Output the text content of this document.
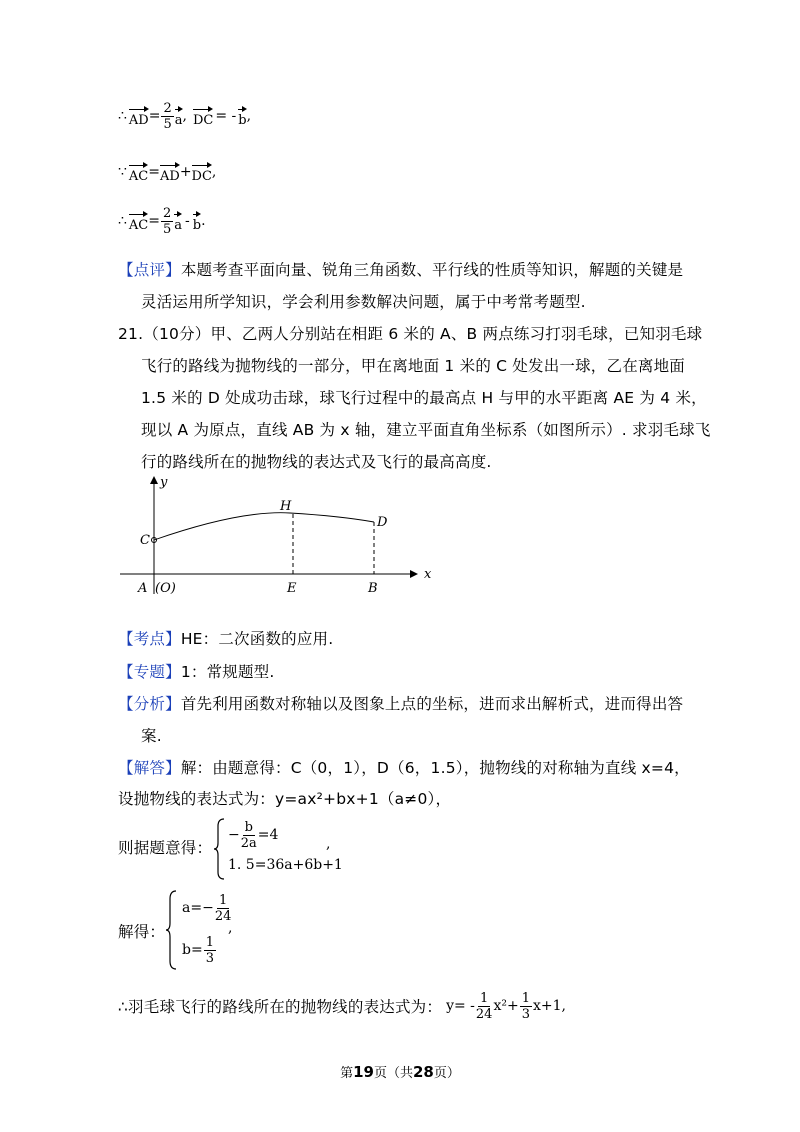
∴ AD = $\frac{2}{5}$ a , DC = - b ,
∵ AC = AD + DC ,
∴ AC = $\frac{2}{5}$ a - b .
【点评】本题考查平面向量、锐角三角函数、平行线的性质等知识，解题的关键是
灵活运用所学知识，学会利用参数解决问题，属于中考常考题型.
21.（10分）甲、乙两人分别站在相距 6 米的 A、B 两点练习打羽毛球，已知羽毛球
飞行的路线为抛物线的一部分，甲在离地面 1 米的 C 处发出一球，乙在离地面
1.5 米的 D 处成功击球，球飞行过程中的最高点 H 与甲的水平距离 AE 为 4 米，
现以 A 为原点，直线 AB 为 x 轴，建立平面直角坐标系（如图所示）. 求羽毛球飞
行的路线所在的抛物线的表达式及飞行的最高高度.
y
x
C
H
D
A (O)	E	B
【考点】HE：二次函数的应用.
【专题】1：常规题型.
【分析】首先利用函数对称轴以及图象上点的坐标，进而求出解析式，进而得出答
案.
【解答】解：由题意得：C（0，1），D（6，1.5），抛物线的对称轴为直线 x=4，
设抛物线的表达式为：y=ax²+bx+1（a≠0），
则据题意得：
− $\frac{b}{2a} =4$
1. 5=36a+6b+1
,
解得：
$a=- \frac{1}{24}$
$b= \frac{1}{3}$
,
∴羽毛球飞行的路线所在的抛物线的表达式为： $y= - \frac{1}{24} x^2+ \frac{1}{3} x+1$,
第19页（共28页）
